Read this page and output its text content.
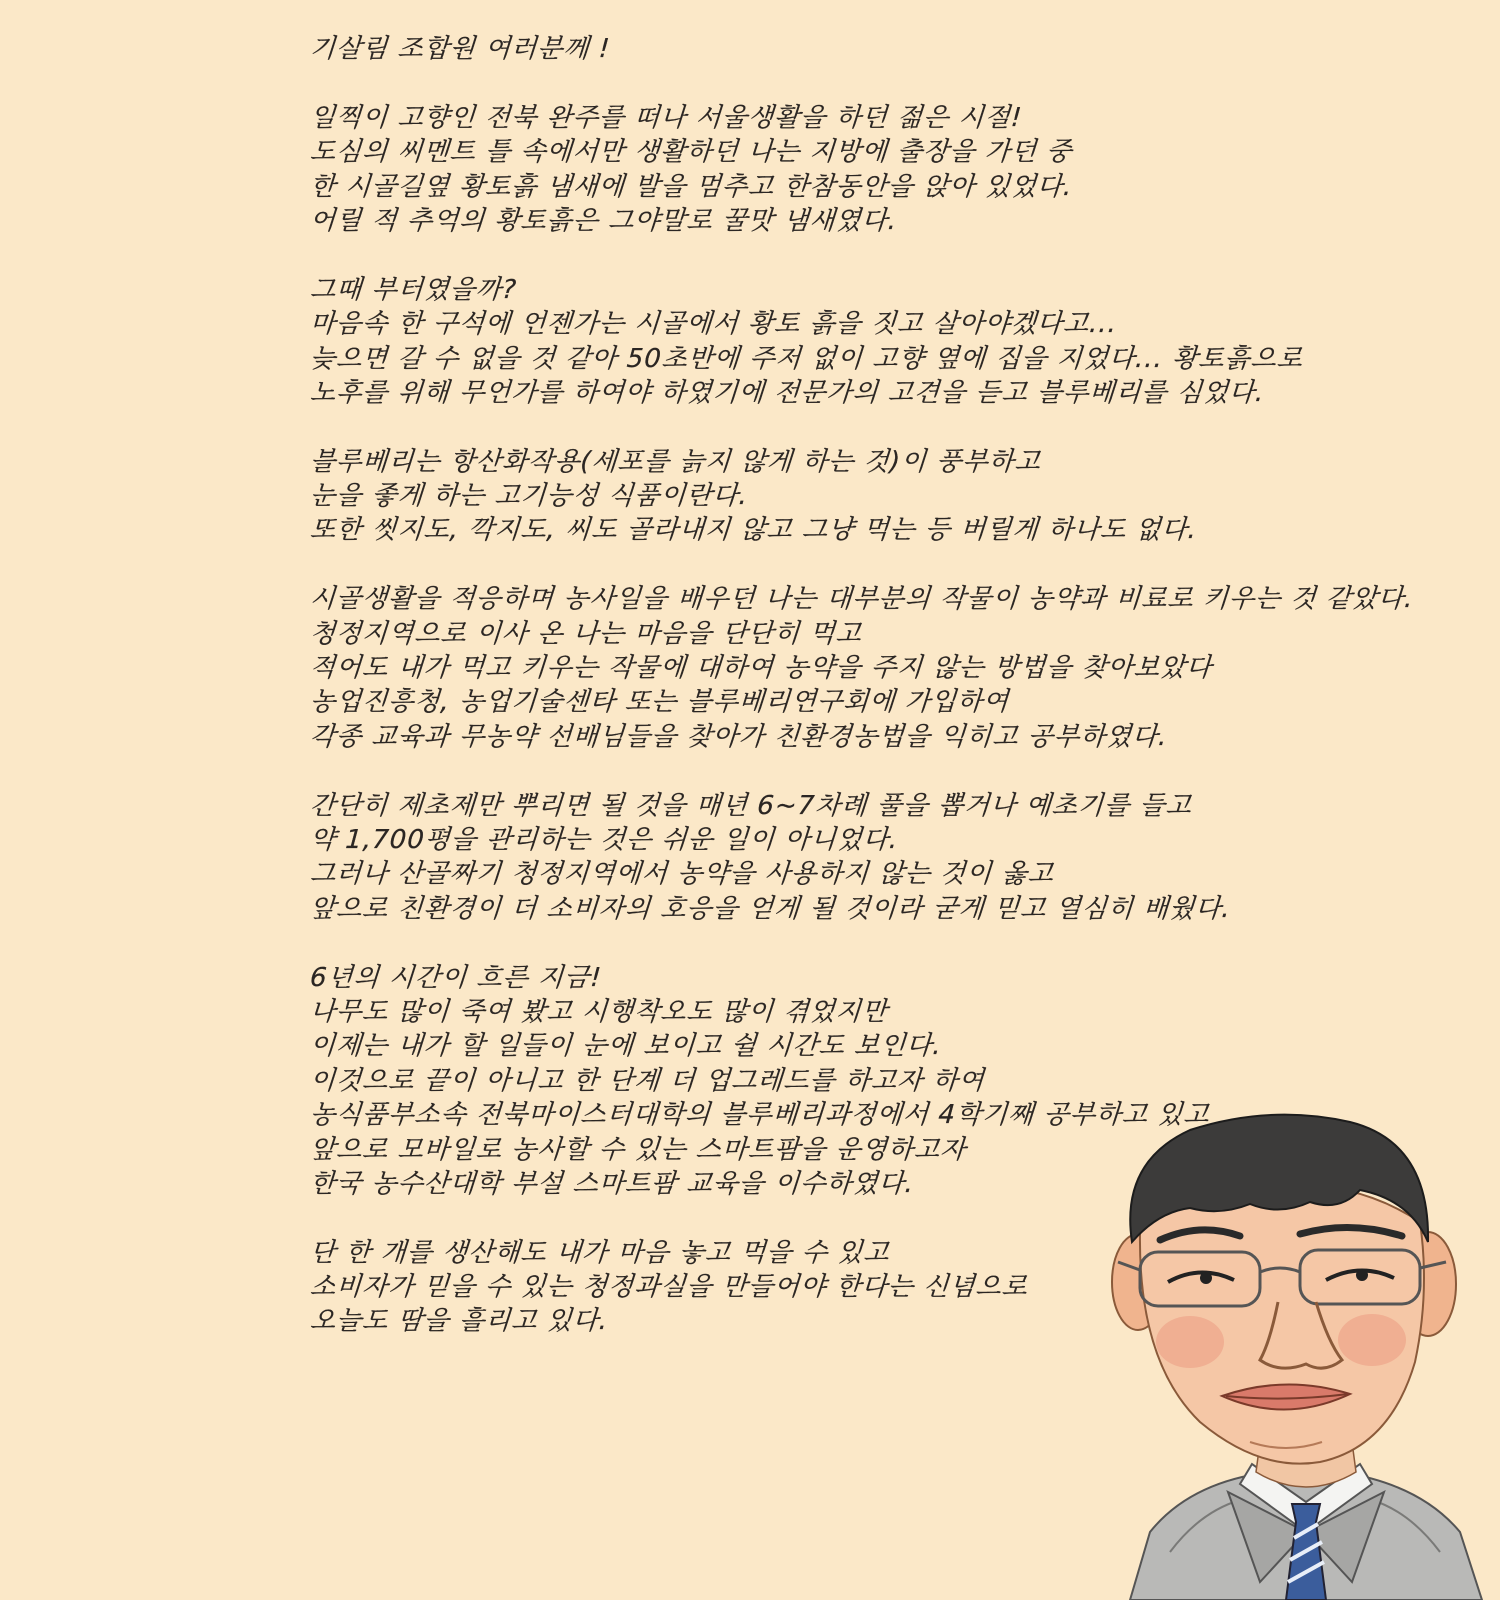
기살림 조합원 여러분께 !
일찍이 고향인 전북 완주를 떠나 서울생활을 하던 젊은 시절!
도심의 씨멘트 틀 속에서만 생활하던 나는 지방에 출장을 가던 중
한 시골길옆 황토흙 냄새에 발을 멈추고 한참동안을 앉아 있었다.
어릴 적 추억의 황토흙은 그야말로 꿀맛 냄새였다.
그때 부터였을까?
마음속 한 구석에 언젠가는 시골에서 황토 흙을 짓고 살아야겠다고...
늦으면 갈 수 없을 것 같아 50초반에 주저 없이 고향 옆에 집을 지었다... 황토흙으로
노후를 위해 무언가를 하여야 하였기에 전문가의 고견을 듣고 블루베리를 심었다.
블루베리는 항산화작용(세포를 늙지 않게 하는 것)이 풍부하고
눈을 좋게 하는 고기능성 식품이란다.
또한 씻지도, 깍지도, 씨도 골라내지 않고 그냥 먹는 등 버릴게 하나도 없다.
시골생활을 적응하며 농사일을 배우던 나는 대부분의 작물이 농약과 비료로 키우는 것 같았다.
청정지역으로 이사 온 나는 마음을 단단히 먹고
적어도 내가 먹고 키우는 작물에 대하여 농약을 주지 않는 방법을 찾아보았다
농업진흥청, 농업기술센타 또는 블루베리연구회에 가입하여
각종 교육과 무농약 선배님들을 찾아가 친환경농법을 익히고 공부하였다.
간단히 제초제만 뿌리면 될 것을 매년 6~7차례 풀을 뽑거나 예초기를 들고
약 1,700평을 관리하는 것은 쉬운 일이 아니었다.
그러나 산골짜기 청정지역에서 농약을 사용하지 않는 것이 옳고
앞으로 친환경이 더 소비자의 호응을 얻게 될 것이라 굳게 믿고 열심히 배웠다.
6년의 시간이 흐른 지금!
나무도 많이 죽여 봤고 시행착오도 많이 겪었지만
이제는 내가 할 일들이 눈에 보이고 쉴 시간도 보인다.
이것으로 끝이 아니고 한 단계 더 업그레드를 하고자 하여
농식품부소속 전북마이스터대학의 블루베리과정에서 4학기째 공부하고 있고
앞으로 모바일로 농사할 수 있는 스마트팜을 운영하고자
한국 농수산대학 부설 스마트팜 교육을 이수하였다.
단 한 개를 생산해도 내가 마음 놓고 먹을 수 있고
소비자가 믿을 수 있는 청정과실을 만들어야 한다는 신념으로
오늘도 땀을 흘리고 있다.
